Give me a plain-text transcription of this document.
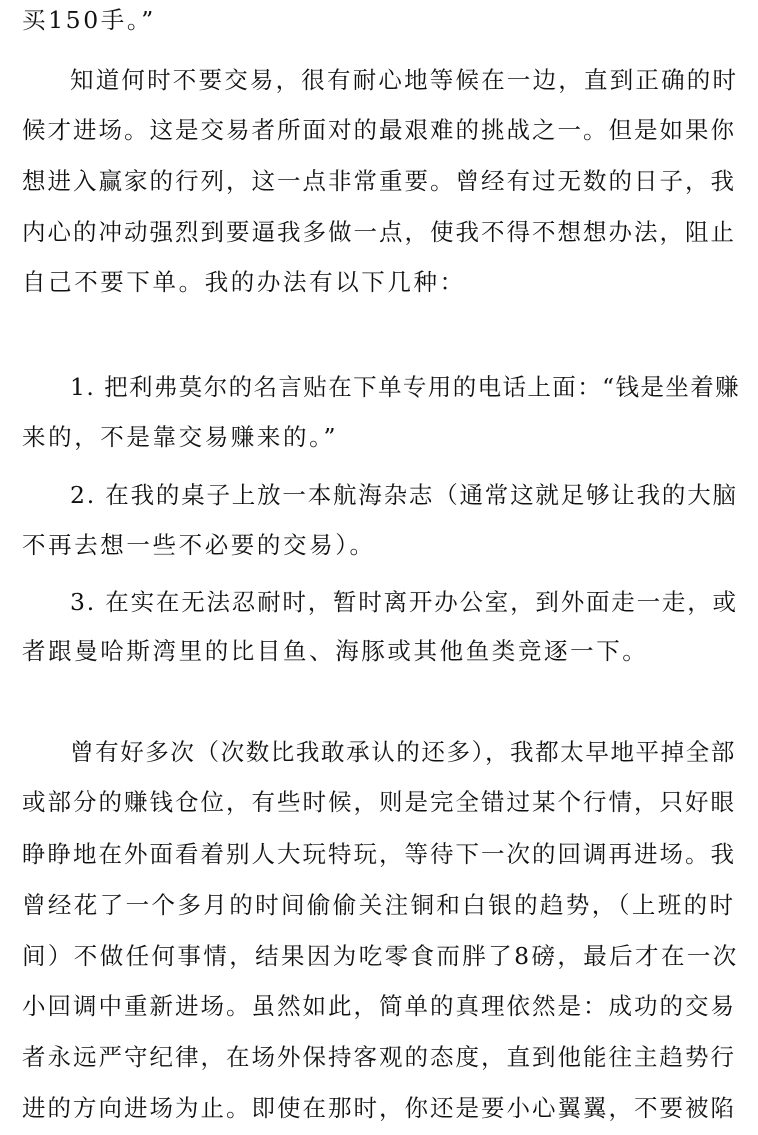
买150手。”
知道何时不要交易，很有耐心地等候在一边，直到正确的时
候才进场。这是交易者所面对的最艰难的挑战之一。但是如果你
想进入赢家的行列，这一点非常重要。曾经有过无数的日子，我
内心的冲动强烈到要逼我多做一点，使我不得不想想办法，阻止
自己不要下单。我的办法有以下几种：
1. 把利弗莫尔的名言贴在下单专用的电话上面：“钱是坐着赚
来的，不是靠交易赚来的。”
2. 在我的桌子上放一本航海杂志（通常这就足够让我的大脑
不再去想一些不必要的交易）。
3. 在实在无法忍耐时，暂时离开办公室，到外面走一走，或
者跟曼哈斯湾里的比目鱼、海豚或其他鱼类竞逐一下。
曾有好多次（次数比我敢承认的还多），我都太早地平掉全部
或部分的赚钱仓位，有些时候，则是完全错过某个行情，只好眼
睁睁地在外面看着别人大玩特玩，等待下一次的回调再进场。我
曾经花了一个多月的时间偷偷关注铜和白银的趋势，（上班的时
间）不做任何事情，结果因为吃零食而胖了8磅，最后才在一次
小回调中重新进场。虽然如此，简单的真理依然是：成功的交易
者永远严守纪律，在场外保持客观的态度，直到他能往主趋势行
进的方向进场为止。即使在那时，你还是要小心翼翼，不要被陷
